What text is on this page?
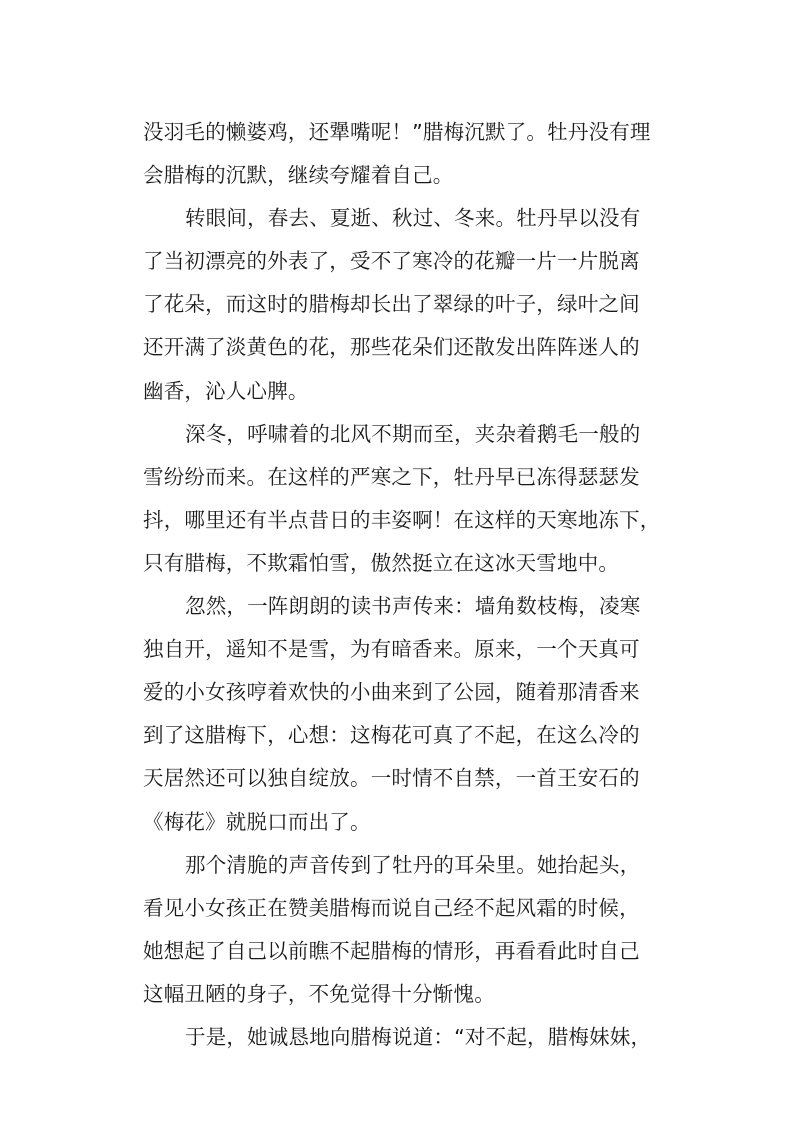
没羽毛的懒婆鸡，还犟嘴呢！”腊梅沉默了。牡丹没有理
会腊梅的沉默，继续夸耀着自己。
转眼间，春去、夏逝、秋过、冬来。牡丹早以没有
了当初漂亮的外表了，受不了寒冷的花瓣一片一片脱离
了花朵，而这时的腊梅却长出了翠绿的叶子，绿叶之间
还开满了淡黄色的花，那些花朵们还散发出阵阵迷人的
幽香，沁人心脾。
深冬，呼啸着的北风不期而至，夹杂着鹅毛一般的
雪纷纷而来。在这样的严寒之下，牡丹早已冻得瑟瑟发
抖，哪里还有半点昔日的丰姿啊！在这样的天寒地冻下，
只有腊梅，不欺霜怕雪，傲然挺立在这冰天雪地中。
忽然，一阵朗朗的读书声传来：墙角数枝梅，凌寒
独自开，遥知不是雪，为有暗香来。原来，一个天真可
爱的小女孩哼着欢快的小曲来到了公园，随着那清香来
到了这腊梅下，心想：这梅花可真了不起，在这么冷的
天居然还可以独自绽放。一时情不自禁，一首王安石的
《梅花》就脱口而出了。
那个清脆的声音传到了牡丹的耳朵里。她抬起头，
看见小女孩正在赞美腊梅而说自己经不起风霜的时候，
她想起了自己以前瞧不起腊梅的情形，再看看此时自己
这幅丑陋的身子，不免觉得十分惭愧。
于是，她诚恳地向腊梅说道：“对不起，腊梅妹妹，
